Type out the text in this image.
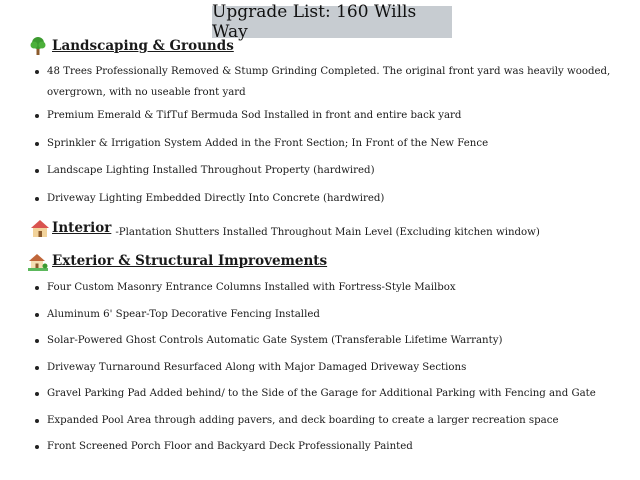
Upgrade List: 160 Wills Way
Landscaping & Grounds
48 Trees Professionally Removed & Stump Grinding Completed. The original front yard was heavily wooded,
overgrown, with no useable front yard
Premium Emerald & TifTuf Bermuda Sod Installed in front and entire back yard
Sprinkler & Irrigation System Added in the Front Section; In Front of the New Fence
Landscape Lighting Installed Throughout Property (hardwired)
Driveway Lighting Embedded Directly Into Concrete (hardwired)
Interior -Plantation Shutters Installed Throughout Main Level (Excluding kitchen window)
Exterior & Structural Improvements
Four Custom Masonry Entrance Columns Installed with Fortress-Style Mailbox
Aluminum 6' Spear-Top Decorative Fencing Installed
Solar-Powered Ghost Controls Automatic Gate System (Transferable Lifetime Warranty)
Driveway Turnaround Resurfaced Along with Major Damaged Driveway Sections
Gravel Parking Pad Added behind/ to the Side of the Garage for Additional Parking with Fencing and Gate
Expanded Pool Area through adding pavers, and deck boarding to create a larger recreation space
Front Screened Porch Floor and Backyard Deck Professionally Painted
